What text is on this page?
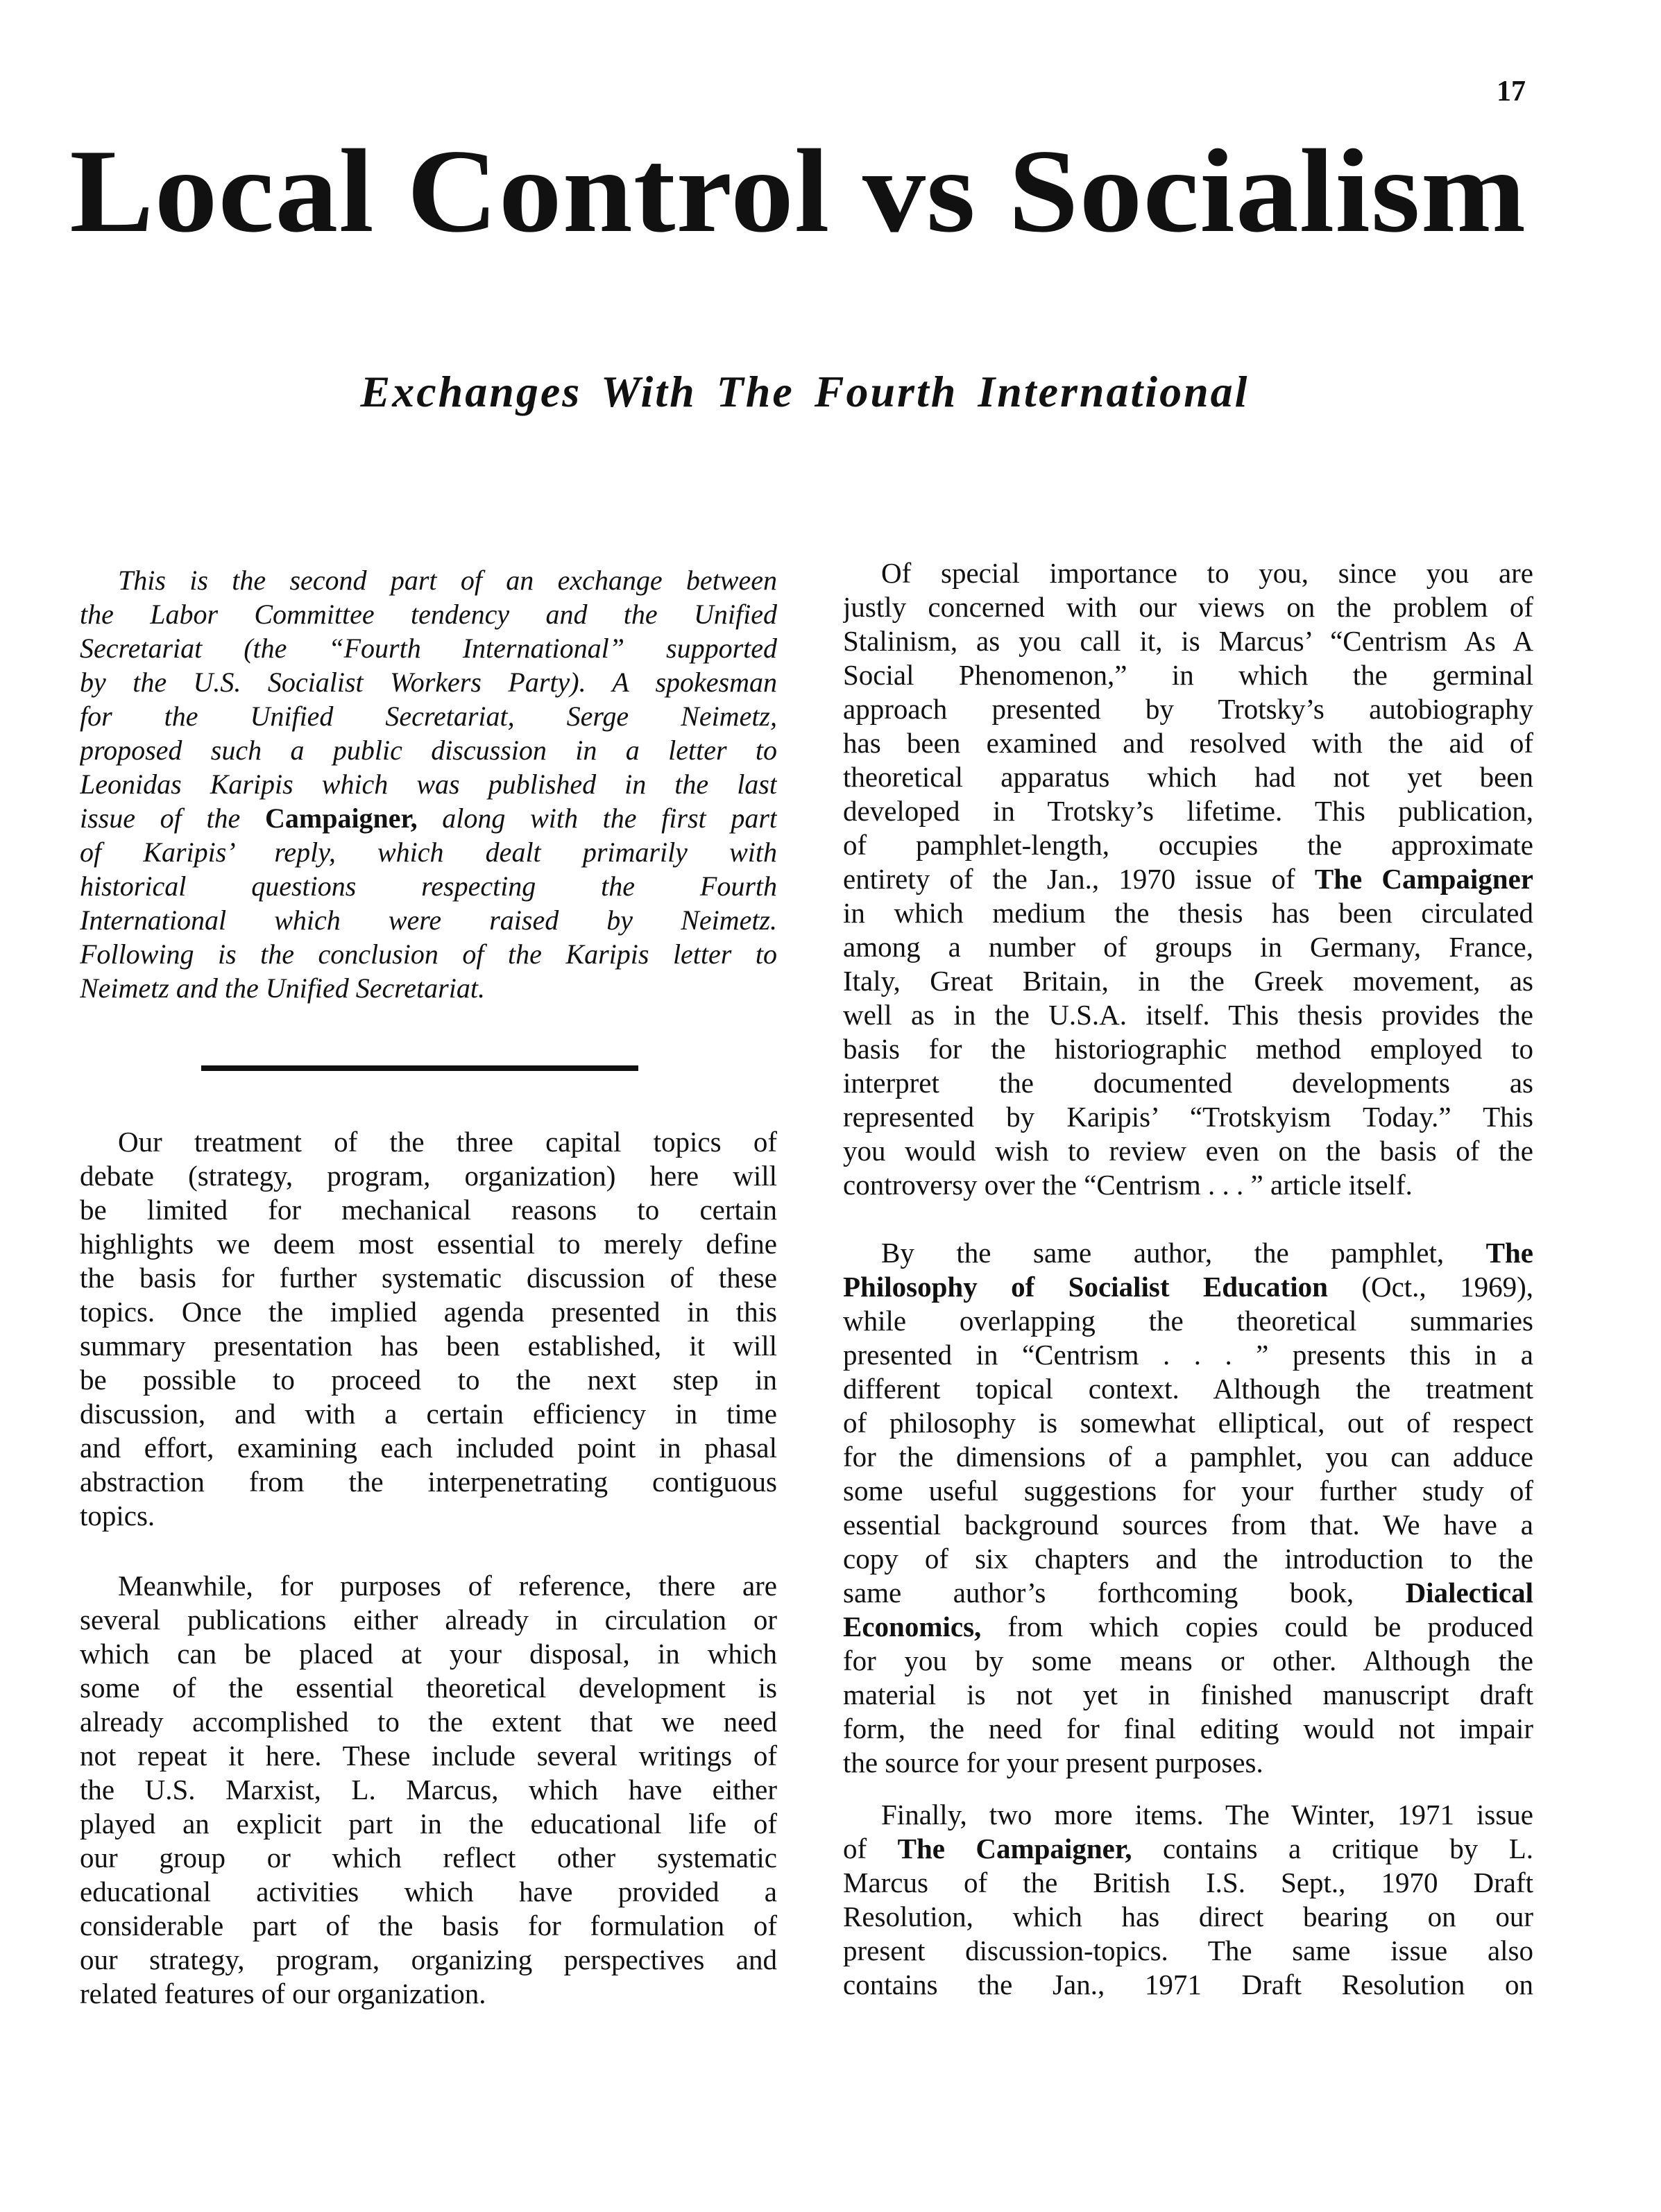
17
Local Control vs Socialism
Exchanges With The Fourth International
This is the second part of an exchange between
the Labor Committee tendency and the Unified
Secretariat (the “Fourth International” supported
by the U.S. Socialist Workers Party). A spokesman
for the Unified Secretariat, Serge Neimetz,
proposed such a public discussion in a letter to
Leonidas Karipis which was published in the last
issue of the Campaigner, along with the first part
of Karipis’ reply, which dealt primarily with
historical questions respecting the Fourth
International which were raised by Neimetz.
Following is the conclusion of the Karipis letter to
Neimetz and the Unified Secretariat.
Our treatment of the three capital topics of
debate (strategy, program, organization) here will
be limited for mechanical reasons to certain
highlights we deem most essential to merely define
the basis for further systematic discussion of these
topics. Once the implied agenda presented in this
summary presentation has been established, it will
be possible to proceed to the next step in
discussion, and with a certain efficiency in time
and effort, examining each included point in phasal
abstraction from the interpenetrating contiguous
topics.
Meanwhile, for purposes of reference, there are
several publications either already in circulation or
which can be placed at your disposal, in which
some of the essential theoretical development is
already accomplished to the extent that we need
not repeat it here. These include several writings of
the U.S. Marxist, L. Marcus, which have either
played an explicit part in the educational life of
our group or which reflect other systematic
educational activities which have provided a
considerable part of the basis for formulation of
our strategy, program, organizing perspectives and
related features of our organization.
Of special importance to you, since you are
justly concerned with our views on the problem of
Stalinism, as you call it, is Marcus’ “Centrism As A
Social Phenomenon,” in which the germinal
approach presented by Trotsky’s autobiography
has been examined and resolved with the aid of
theoretical apparatus which had not yet been
developed in Trotsky’s lifetime. This publication,
of pamphlet-length, occupies the approximate
entirety of the Jan., 1970 issue of The Campaigner
in which medium the thesis has been circulated
among a number of groups in Germany, France,
Italy, Great Britain, in the Greek movement, as
well as in the U.S.A. itself. This thesis provides the
basis for the historiographic method employed to
interpret the documented developments as
represented by Karipis’ “Trotskyism Today.” This
you would wish to review even on the basis of the
controversy over the “Centrism . . . ” article itself.
By the same author, the pamphlet, The
Philosophy of Socialist Education (Oct., 1969),
while overlapping the theoretical summaries
presented in “Centrism . . . ” presents this in a
different topical context. Although the treatment
of philosophy is somewhat elliptical, out of respect
for the dimensions of a pamphlet, you can adduce
some useful suggestions for your further study of
essential background sources from that. We have a
copy of six chapters and the introduction to the
same author’s forthcoming book, Dialectical
Economics, from which copies could be produced
for you by some means or other. Although the
material is not yet in finished manuscript draft
form, the need for final editing would not impair
the source for your present purposes.
Finally, two more items. The Winter, 1971 issue
of The Campaigner, contains a critique by L.
Marcus of the British I.S. Sept., 1970 Draft
Resolution, which has direct bearing on our
present discussion-topics. The same issue also
contains the Jan., 1971 Draft Resolution on
